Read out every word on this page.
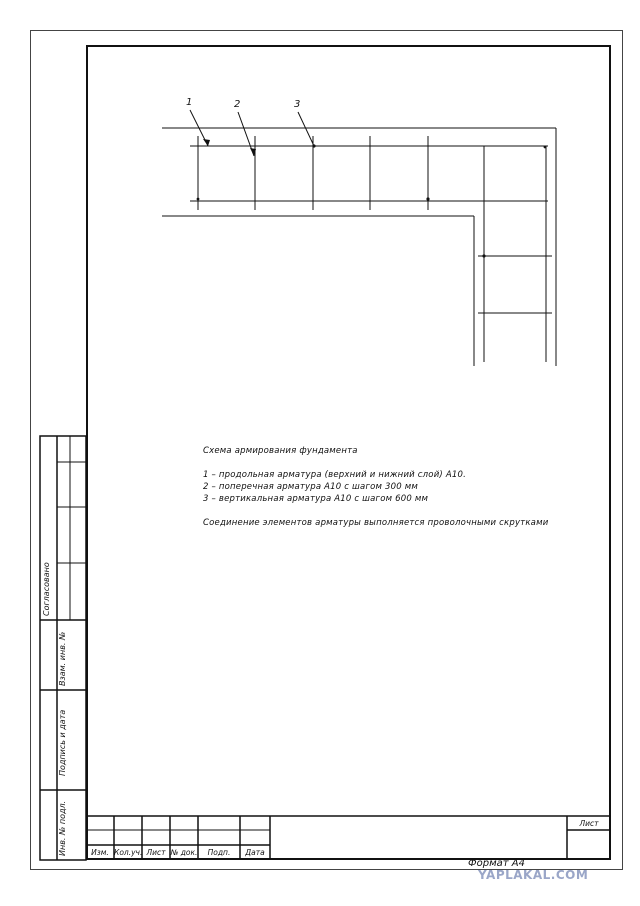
1	2	3
Схема армирования фундамента
1 – продольная арматура (верхний и нижний слой) А10.
2 – поперечная арматура А10 с шагом 300 мм
3 – вертикальная арматура А10 с шагом 600 мм
Соединение элементов арматуры выполняется проволочными скрутками
Согласовано
Взам. инв. №
Подпись и дата
Инв. № подл.	Изм. Кол.уч. Лист № док.	Подп.	Дата
Лист
Формат А4
YAPLAKAL.COM
